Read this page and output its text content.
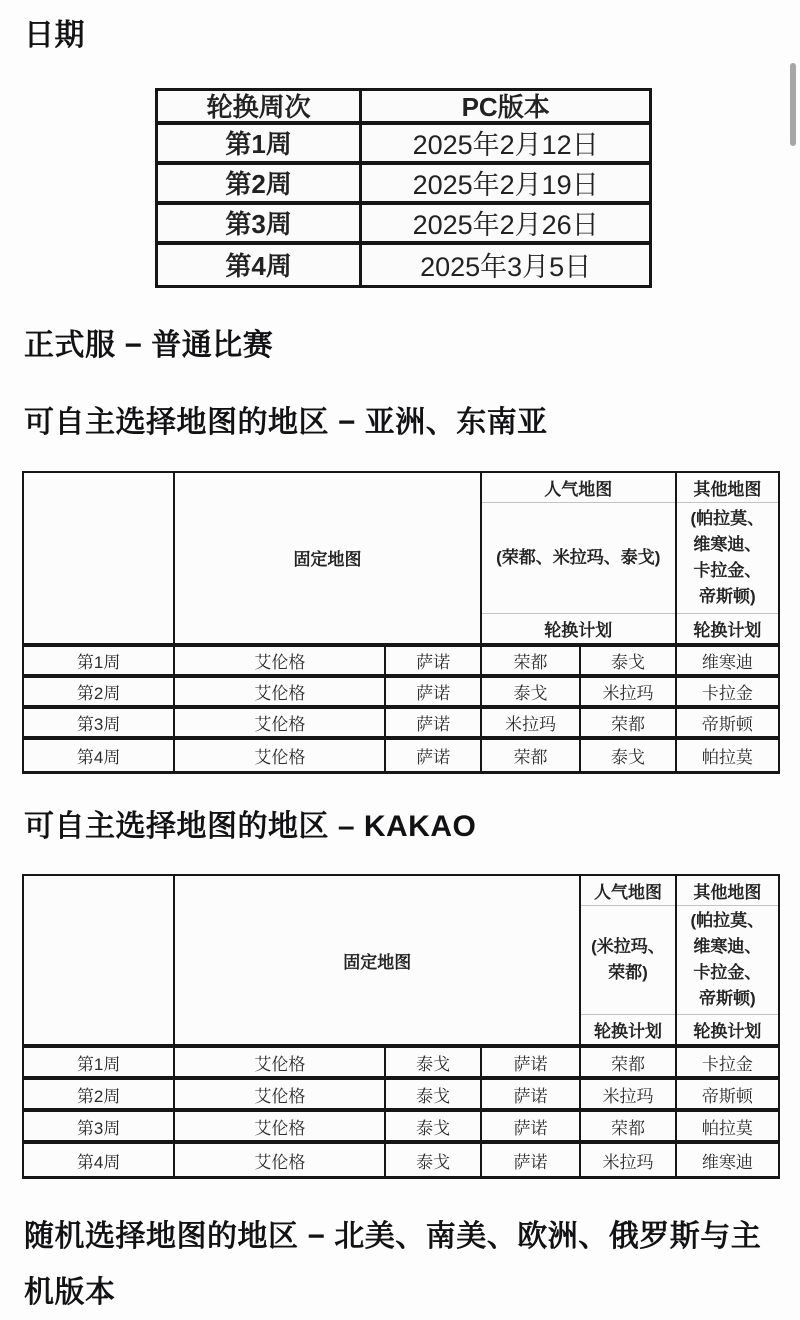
日期
轮换周次	PC版本
第1周	2025年2月12日
第2周	2025年2月19日
第3周	2025年2月26日
第4周	2025年3月5日
正式服 − 普通比赛
可自主选择地图的地区 − 亚洲、东南亚
固定地图
人气地图
(荣都、米拉玛、泰戈)
轮换计划
其他地图
(帕拉莫、维寒迪、卡拉金、帝斯顿)
轮换计划
第1周	艾伦格	萨诺	荣都	泰戈	维寒迪
第2周	艾伦格	萨诺	泰戈	米拉玛	卡拉金
第3周	艾伦格	萨诺	米拉玛	荣都	帝斯顿
第4周	艾伦格	萨诺	荣都	泰戈	帕拉莫
可自主选择地图的地区 – KAKAO
固定地图
人气地图
(米拉玛、荣都)
轮换计划
其他地图
(帕拉莫、维寒迪、卡拉金、帝斯顿)
轮换计划
第1周	艾伦格	泰戈	萨诺	荣都	卡拉金
第2周	艾伦格	泰戈	萨诺	米拉玛	帝斯顿
第3周	艾伦格	泰戈	萨诺	荣都	帕拉莫
第4周	艾伦格	泰戈	萨诺	米拉玛	维寒迪
随机选择地图的地区 − 北美、南美、欧洲、俄罗斯与主机版本
